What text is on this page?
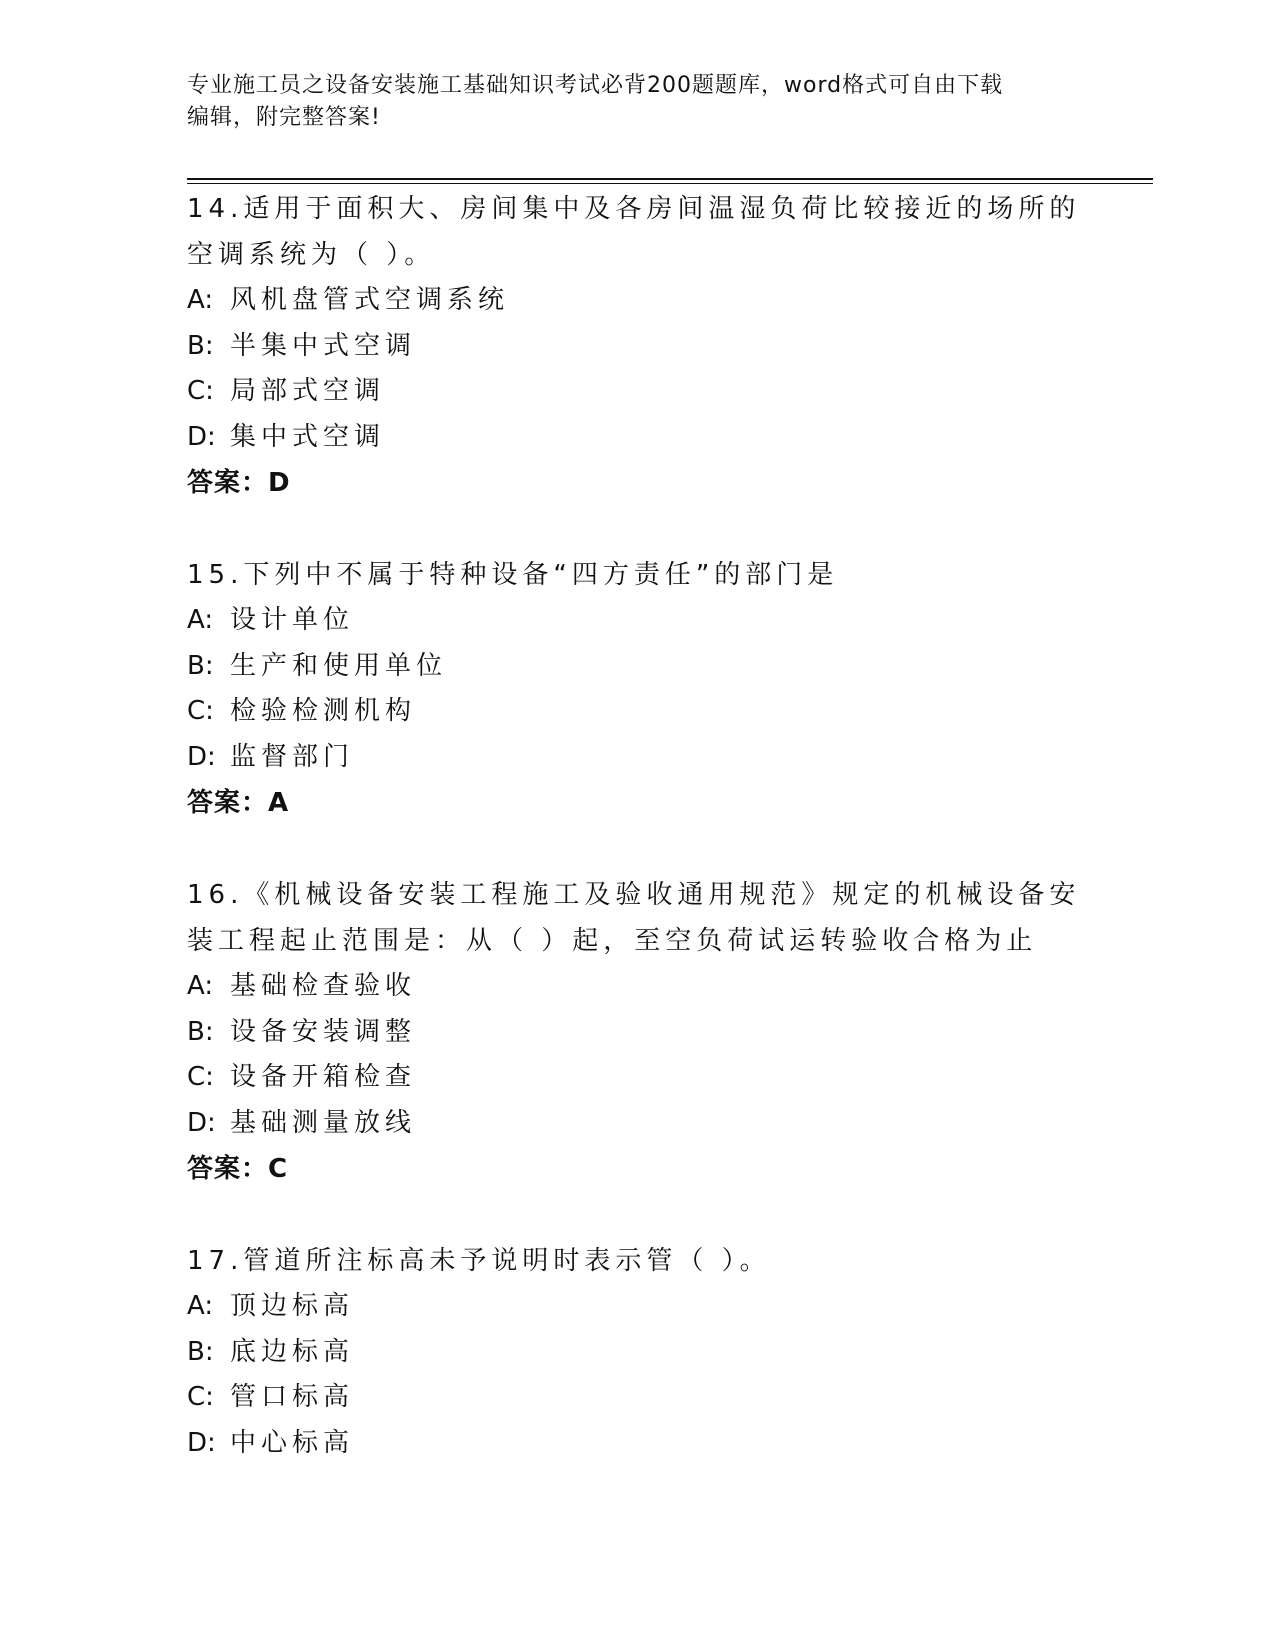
专业施工员之设备安装施工基础知识考试必背200题题库，word格式可自由下载
编辑，附完整答案!
14.适用于面积大、房间集中及各房间温湿负荷比较接近的场所的空调系统为（ ）。
A: 风机盘管式空调系统
B: 半集中式空调
C: 局部式空调
D: 集中式空调
答案：D
15.下列中不属于特种设备“四方责任”的部门是
A: 设计单位
B: 生产和使用单位
C: 检验检测机构
D: 监督部门
答案：A
16.《机械设备安装工程施工及验收通用规范》规定的机械设备安装工程起止范围是：从（ ）起，至空负荷试运转验收合格为止
A: 基础检查验收
B: 设备安装调整
C: 设备开箱检查
D: 基础测量放线
答案：C
17.管道所注标高未予说明时表示管（ ）。
A: 顶边标高
B: 底边标高
C: 管口标高
D: 中心标高
